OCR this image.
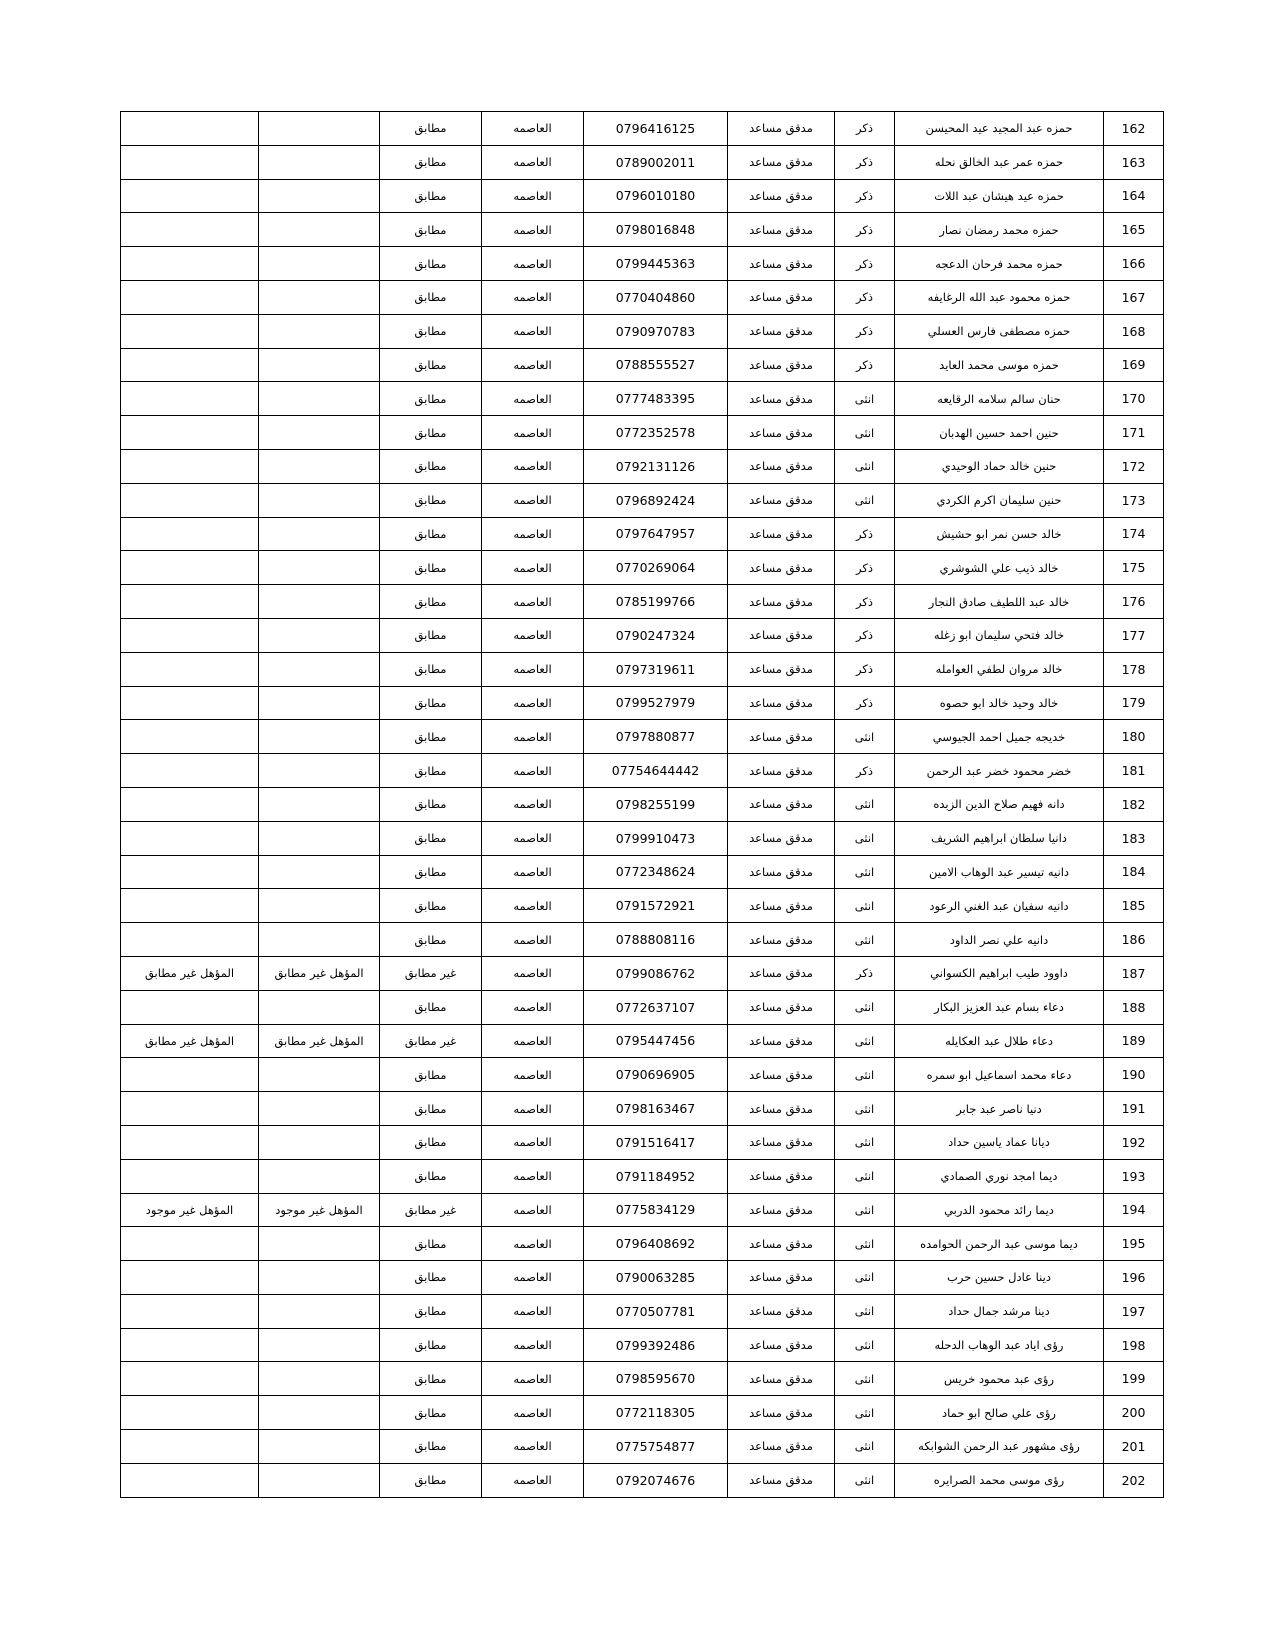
162	حمزه عبد المجيد عيد المحيسن	ذكر	مدقق مساعد	0796416125	العاصمه	مطابق		
163	حمزه عمر عبد الخالق نحله	ذكر	مدقق مساعد	0789002011	العاصمه	مطابق		
164	حمزه عيد هيشان عبد اللات	ذكر	مدقق مساعد	0796010180	العاصمه	مطابق		
165	حمزه محمد رمضان نصار	ذكر	مدقق مساعد	0798016848	العاصمه	مطابق		
166	حمزه محمد فرحان الدعجه	ذكر	مدقق مساعد	0799445363	العاصمه	مطابق		
167	حمزه محمود عبد الله الرغايفه	ذكر	مدقق مساعد	0770404860	العاصمه	مطابق		
168	حمزه مصطفى فارس العسلي	ذكر	مدقق مساعد	0790970783	العاصمه	مطابق		
169	حمزه موسى محمد العايد	ذكر	مدقق مساعد	0788555527	العاصمه	مطابق		
170	حنان سالم سلامه الرقايعه	انثى	مدقق مساعد	0777483395	العاصمه	مطابق		
171	حنين احمد حسين الهدبان	انثى	مدقق مساعد	0772352578	العاصمه	مطابق		
172	حنين خالد حماد الوحيدي	انثى	مدقق مساعد	0792131126	العاصمه	مطابق		
173	حنين سليمان اكرم الكردي	انثى	مدقق مساعد	0796892424	العاصمه	مطابق		
174	خالد حسن نمر ابو حشيش	ذكر	مدقق مساعد	0797647957	العاصمه	مطابق		
175	خالد ذيب علي الشوشري	ذكر	مدقق مساعد	0770269064	العاصمه	مطابق		
176	خالد عبد اللطيف صادق النجار	ذكر	مدقق مساعد	0785199766	العاصمه	مطابق		
177	خالد فتحي سليمان ابو زغله	ذكر	مدقق مساعد	0790247324	العاصمه	مطابق		
178	خالد مروان لطفي العوامله	ذكر	مدقق مساعد	0797319611	العاصمه	مطابق		
179	خالد وحيد خالد ابو حصوه	ذكر	مدقق مساعد	0799527979	العاصمه	مطابق		
180	خديجه جميل احمد الجيوسي	انثى	مدقق مساعد	0797880877	العاصمه	مطابق		
181	خضر محمود خضر عبد الرحمن	ذكر	مدقق مساعد	07754644442	العاصمه	مطابق		
182	دانه فهيم صلاح الدين الزبده	انثى	مدقق مساعد	0798255199	العاصمه	مطابق		
183	دانيا سلطان ابراهيم الشريف	انثى	مدقق مساعد	0799910473	العاصمه	مطابق		
184	دانيه تيسير عبد الوهاب الامين	انثى	مدقق مساعد	0772348624	العاصمه	مطابق		
185	دانيه سفيان عبد الغني الرعود	انثى	مدقق مساعد	0791572921	العاصمه	مطابق		
186	دانيه علي نصر الداود	انثى	مدقق مساعد	0788808116	العاصمه	مطابق		
187	داوود طيب ابراهيم الكسواني	ذكر	مدقق مساعد	0799086762	العاصمه	غير مطابق	المؤهل غير مطابق	المؤهل غير مطابق
188	دعاء بسام عبد العزيز البكار	انثى	مدقق مساعد	0772637107	العاصمه	مطابق		
189	دعاء طلال عبد العكايله	انثى	مدقق مساعد	0795447456	العاصمه	غير مطابق	المؤهل غير مطابق	المؤهل غير مطابق
190	دعاء محمد اسماعيل ابو سمره	انثى	مدقق مساعد	0790696905	العاصمه	مطابق		
191	دنيا ناصر عبد جابر	انثى	مدقق مساعد	0798163467	العاصمه	مطابق		
192	ديانا عماد ياسين حداد	انثى	مدقق مساعد	0791516417	العاصمه	مطابق		
193	ديما امجد نوري الصمادي	انثى	مدقق مساعد	0791184952	العاصمه	مطابق		
194	ديما رائد محمود الدربي	انثى	مدقق مساعد	0775834129	العاصمه	غير مطابق	المؤهل غير موجود	المؤهل غير موجود
195	ديما موسى عبد الرحمن الحوامده	انثى	مدقق مساعد	0796408692	العاصمه	مطابق		
196	دينا عادل حسين حرب	انثى	مدقق مساعد	0790063285	العاصمه	مطابق		
197	دينا مرشد جمال حداد	انثى	مدقق مساعد	0770507781	العاصمه	مطابق		
198	رؤى اياد عبد الوهاب الدحله	انثى	مدقق مساعد	0799392486	العاصمه	مطابق		
199	رؤى عبد محمود خريس	انثى	مدقق مساعد	0798595670	العاصمه	مطابق		
200	رؤى علي صالح ابو حماد	انثى	مدقق مساعد	0772118305	العاصمه	مطابق		
201	رؤى مشهور عبد الرحمن الشوابكه	انثى	مدقق مساعد	0775754877	العاصمه	مطابق		
202	رؤى موسى محمد الصرايره	انثى	مدقق مساعد	0792074676	العاصمه	مطابق		
